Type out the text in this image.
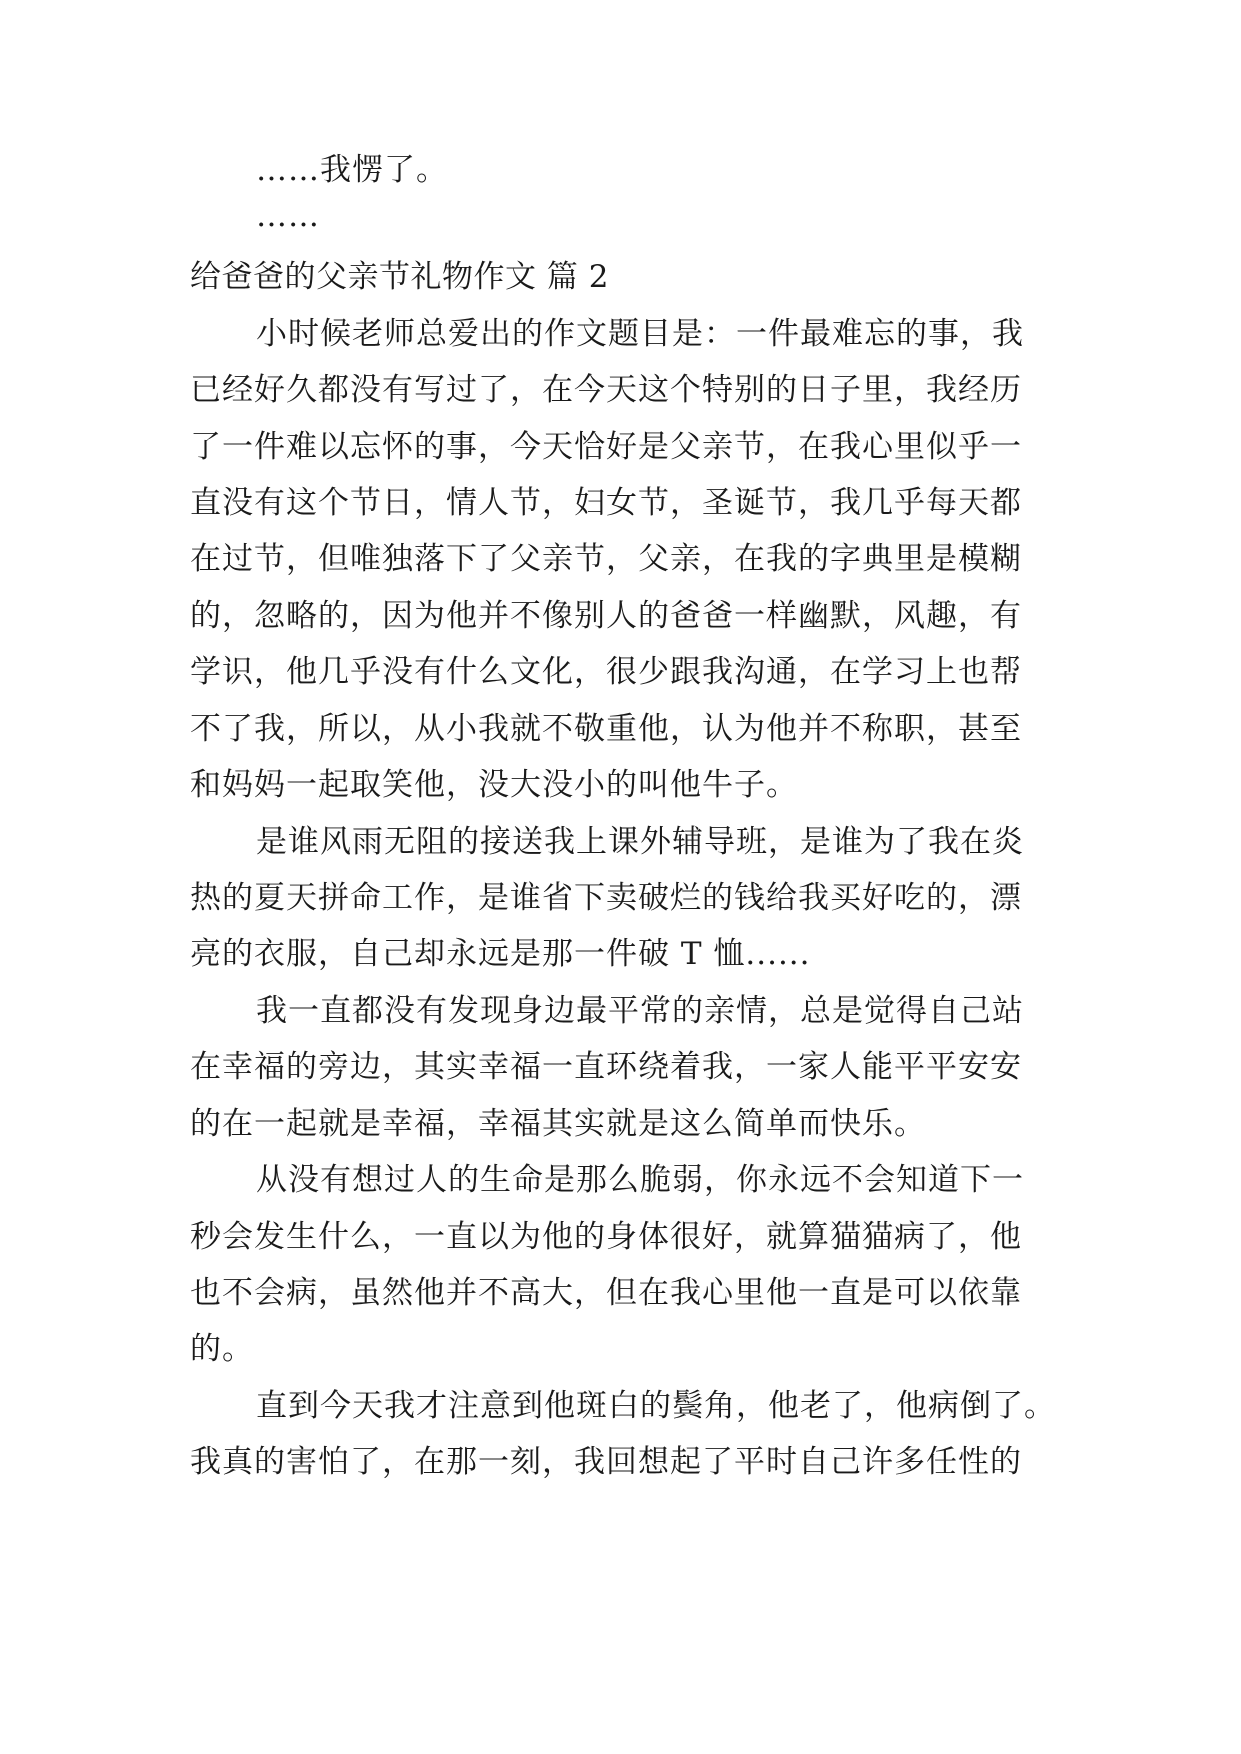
……我愣了。
……
给爸爸的父亲节礼物作文 篇 2
小时候老师总爱出的作文题目是：一件最难忘的事，我
已经好久都没有写过了，在今天这个特别的日子里，我经历
了一件难以忘怀的事，今天恰好是父亲节，在我心里似乎一
直没有这个节日，情人节，妇女节，圣诞节，我几乎每天都
在过节，但唯独落下了父亲节，父亲，在我的字典里是模糊
的，忽略的，因为他并不像别人的爸爸一样幽默，风趣，有
学识，他几乎没有什么文化，很少跟我沟通，在学习上也帮
不了我，所以，从小我就不敬重他，认为他并不称职，甚至
和妈妈一起取笑他，没大没小的叫他牛子。
是谁风雨无阻的接送我上课外辅导班，是谁为了我在炎
热的夏天拼命工作，是谁省下卖破烂的钱给我买好吃的，漂
亮的衣服，自己却永远是那一件破 T 恤......
我一直都没有发现身边最平常的亲情，总是觉得自己站
在幸福的旁边，其实幸福一直环绕着我，一家人能平平安安
的在一起就是幸福，幸福其实就是这么简单而快乐。
从没有想过人的生命是那么脆弱，你永远不会知道下一
秒会发生什么，一直以为他的身体很好，就算猫猫病了，他
也不会病，虽然他并不高大，但在我心里他一直是可以依靠
的。
直到今天我才注意到他斑白的鬓角，他老了，他病倒了。
我真的害怕了，在那一刻，我回想起了平时自己许多任性的
